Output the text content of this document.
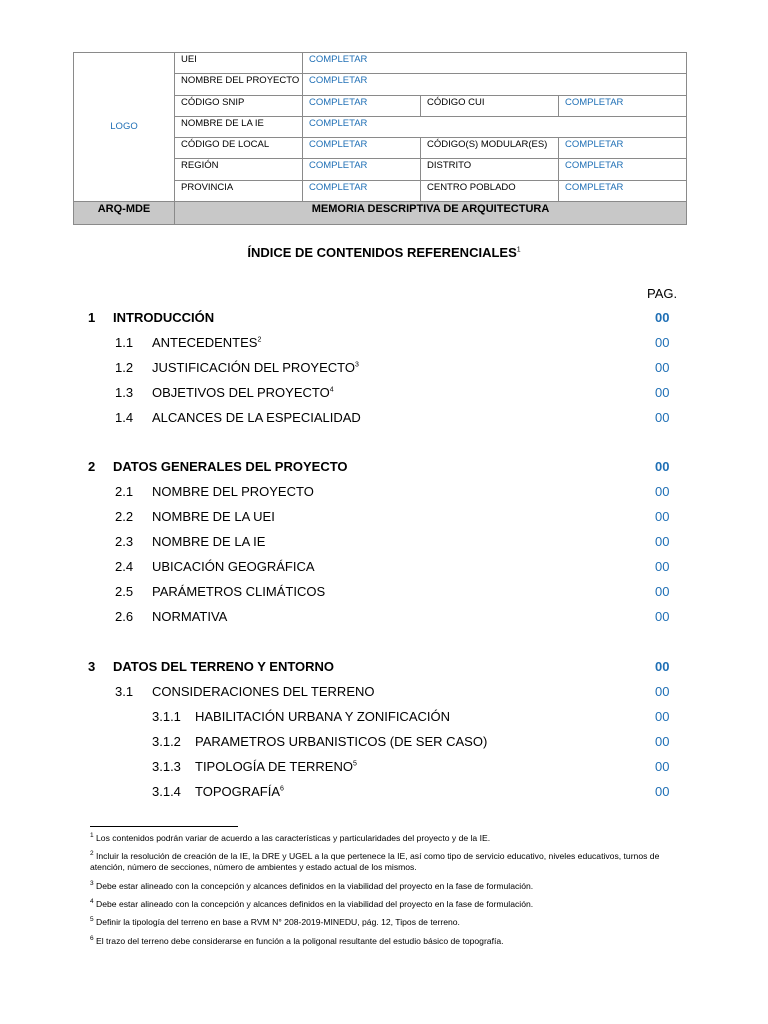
LOGO	UEI	COMPLETAR		
	NOMBRE DEL PROYECTO	COMPLETAR		
	CÓDIGO SNIP	COMPLETAR	CÓDIGO CUI	COMPLETAR
	NOMBRE DE LA IE	COMPLETAR		
	CÓDIGO DE LOCAL	COMPLETAR	CÓDIGO(S) MODULAR(ES)	COMPLETAR
	REGIÓN	COMPLETAR	DISTRITO	COMPLETAR
	PROVINCIA	COMPLETAR	CENTRO POBLADO	COMPLETAR
ARQ-MDE	MEMORIA DESCRIPTIVA DE ARQUITECTURA			
ÍNDICE DE CONTENIDOS REFERENCIALES$^1$
PAG.
1 INTRODUCCIÓN	00
1.1 ANTECEDENTES$^2$	00
1.2 JUSTIFICACIÓN DEL PROYECTO$^3$	00
1.3 OBJETIVOS DEL PROYECTO$^4$	00
1.4 ALCANCES DE LA ESPECIALIDAD	00
2 DATOS GENERALES DEL PROYECTO	00
2.1 NOMBRE DEL PROYECTO	00
2.2 NOMBRE DE LA UEI	00
2.3 NOMBRE DE LA IE	00
2.4 UBICACIÓN GEOGRÁFICA	00
2.5 PARÁMETROS CLIMÁTICOS	00
2.6 NORMATIVA	00
3 DATOS DEL TERRENO Y ENTORNO	00
3.1 CONSIDERACIONES DEL TERRENO	00
3.1.1 HABILITACIÓN URBANA Y ZONIFICACIÓN	00
3.1.2 PARAMETROS URBANISTICOS (DE SER CASO)	00
3.1.3 TIPOLOGÍA DE TERRENO$^5$	00
3.1.4 TOPOGRAFÍA$^6$	00
$^1$ Los contenidos podrán variar de acuerdo a las características y particularidades del proyecto y de la IE.
$^2$ Incluir la resolución de creación de la IE, la DRE y UGEL a la que pertenece la IE, así como tipo de servicio educativo, niveles educativos, turnos de atención, número de secciones, número de ambientes y estado actual de los mismos.
$^3$ Debe estar alineado con la concepción y alcances definidos en la viabilidad del proyecto en la fase de formulación.
$^4$ Debe estar alineado con la concepción y alcances definidos en la viabilidad del proyecto en la fase de formulación.
$^5$ Definir la tipología del terreno en base a RVM N° 208-2019-MINEDU, pág. 12, Tipos de terreno.
$^6$ El trazo del terreno debe considerarse en función a la poligonal resultante del estudio básico de topografía.
